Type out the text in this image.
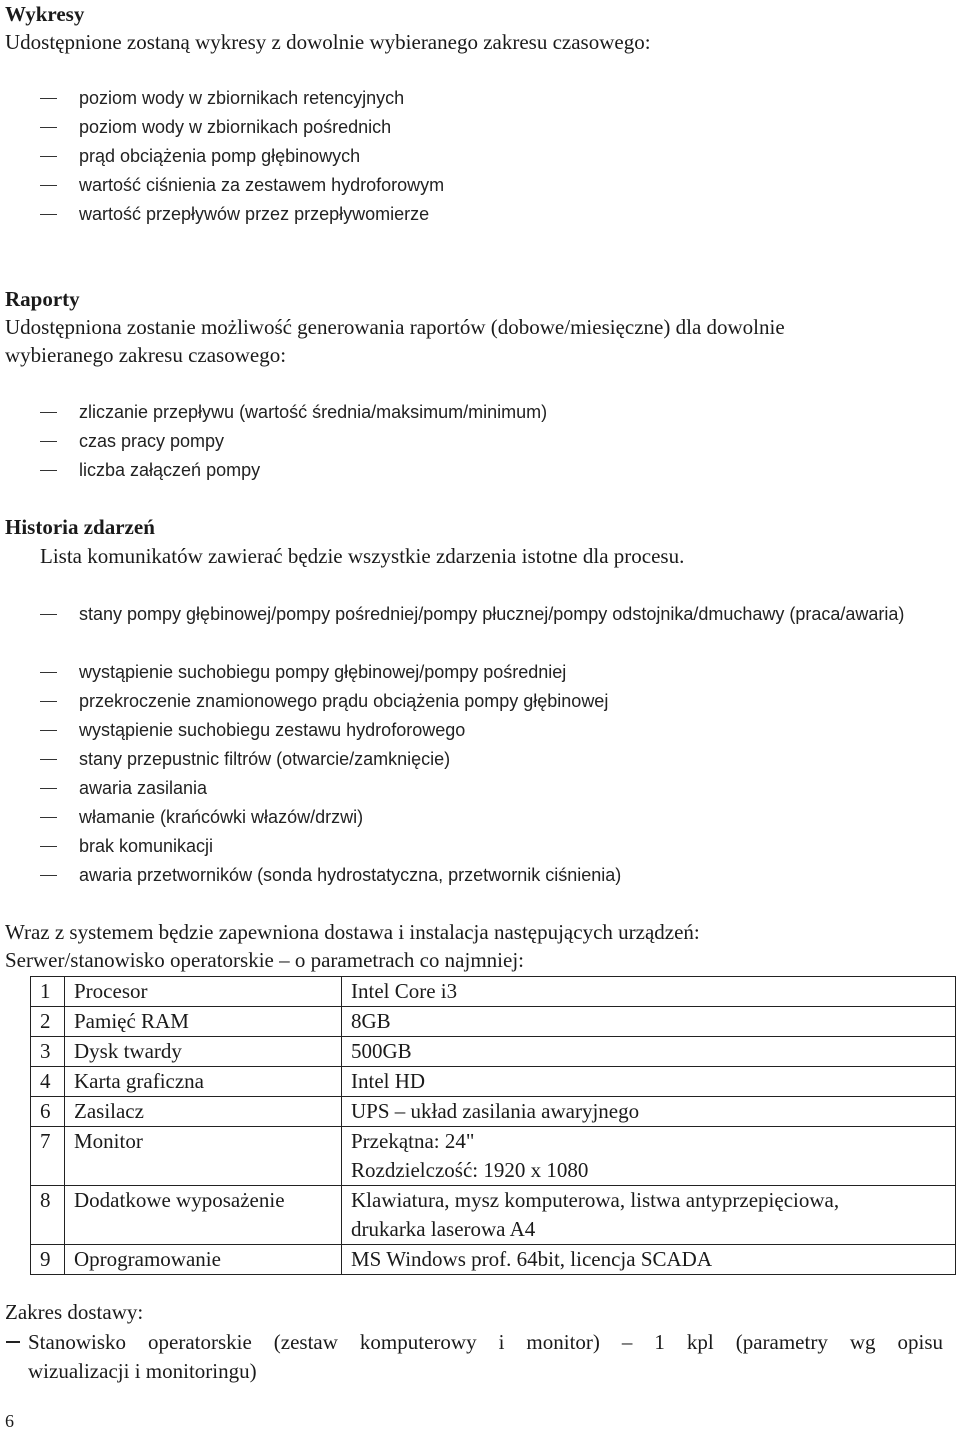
Wykresy
Udostępnione zostaną wykresy z dowolnie wybieranego zakresu czasowego:
poziom wody w zbiornikach retencyjnych
poziom wody w zbiornikach pośrednich
prąd obciążenia pomp głębinowych
wartość ciśnienia za zestawem hydroforowym
wartość przepływów przez przepływomierze
Raporty
Udostępniona zostanie możliwość generowania raportów (dobowe/miesięczne) dla dowolnie
wybieranego zakresu czasowego:
zliczanie przepływu (wartość średnia/maksimum/minimum)
czas pracy pompy
liczba załączeń pompy
Historia zdarzeń
Lista komunikatów zawierać będzie wszystkie zdarzenia istotne dla procesu.
stany pompy głębinowej/pompy pośredniej/pompy płucznej/pompy odstojnika/dmuchawy (praca/awaria)
wystąpienie suchobiegu pompy głębinowej/pompy pośredniej
przekroczenie znamionowego prądu obciążenia pompy głębinowej
wystąpienie suchobiegu zestawu hydroforowego
stany przepustnic filtrów (otwarcie/zamknięcie)
awaria zasilania
włamanie (krańcówki włazów/drzwi)
brak komunikacji
awaria przetworników (sonda hydrostatyczna, przetwornik ciśnienia)
Wraz z systemem będzie zapewniona dostawa i instalacja następujących urządzeń:
Serwer/stanowisko operatorskie – o parametrach co najmniej:
1	Procesor	Intel Core i3

2	Pamięć RAM	8GB

3	Dysk twardy	500GB

4	Karta graficzna	Intel HD

6	Zasilacz	UPS – układ zasilania awaryjnego

7	Monitor	Przekątna: 24"
Rozdzielczość: 1920 x 1080

8	Dodatkowe wyposażenie	Klawiatura, mysz komputerowa, listwa antyprzepięciowa,
drukarka laserowa A4

9	Oprogramowanie	MS Windows prof. 64bit, licencja SCADA
Zakres dostawy:
Stanowisko operatorskie (zestaw komputerowy i monitor) – 1 kpl (parametry wg opisu
wizualizacji i monitoringu)
6
